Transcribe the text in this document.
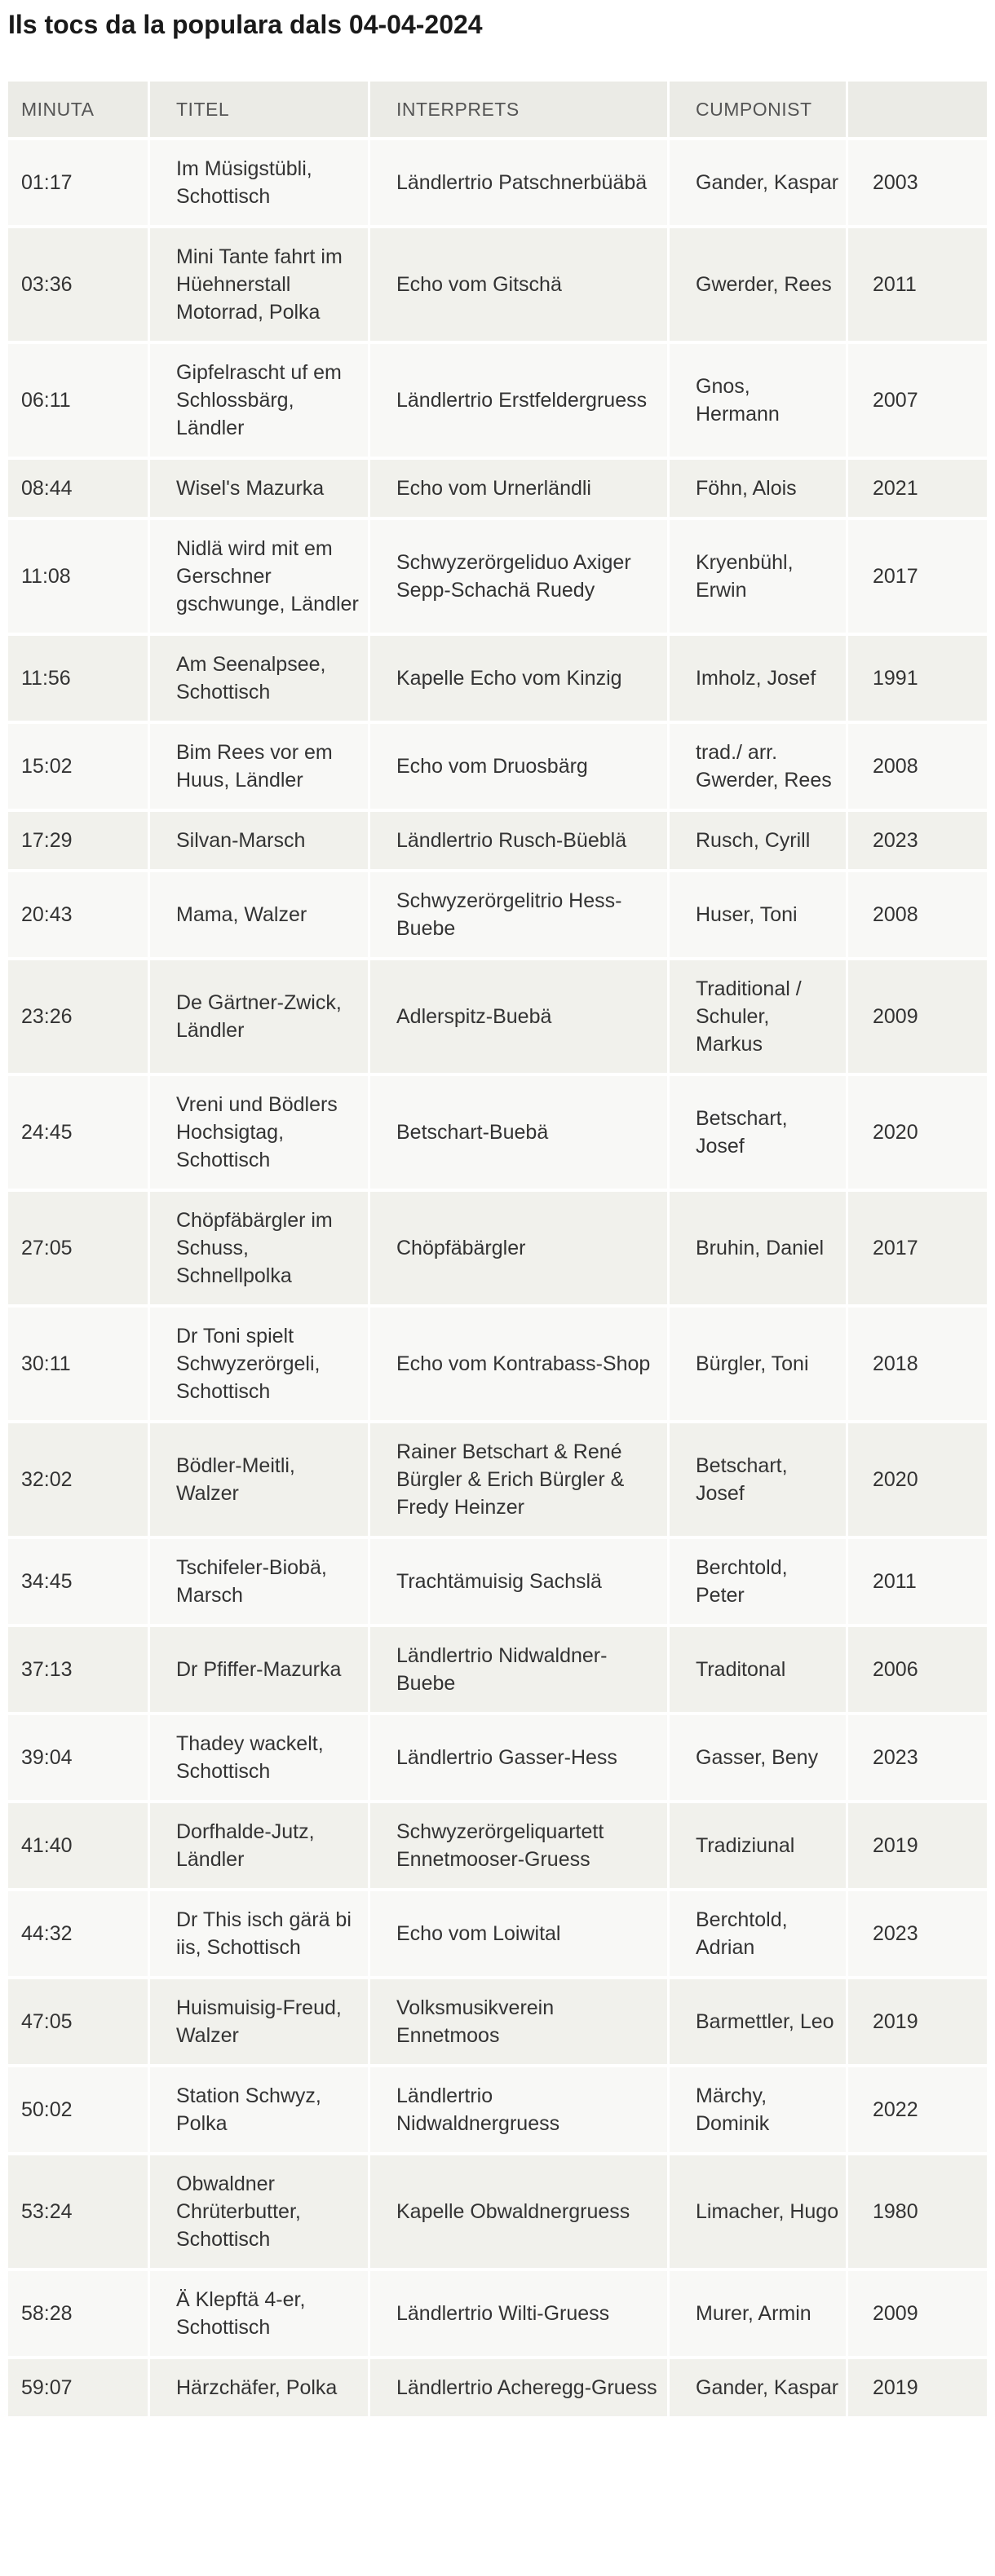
Ils tocs da la populara dals 04-04-2024
MINUTA	TITEL	INTERPRETS	CUMPONIST	
01:17	Im Müsigstübli, Schottisch	Ländlertrio Patschnerbüäbä	Gander, Kaspar	2003
03:36	Mini Tante fahrt im Hüehnerstall Motorrad, Polka	Echo vom Gitschä	Gwerder, Rees	2011
06:11	Gipfelrascht uf em Schlossbärg, Ländler	Ländlertrio Erstfeldergruess	Gnos, Hermann	2007
08:44	Wisel's Mazurka	Echo vom Urnerländli	Föhn, Alois	2021
11:08	Nidlä wird mit em Gerschner gschwunge, Ländler	Schwyzerörgeliduo Axiger Sepp-Schachä Ruedy	Kryenbühl, Erwin	2017
11:56	Am Seenalpsee, Schottisch	Kapelle Echo vom Kinzig	Imholz, Josef	1991
15:02	Bim Rees vor em Huus, Ländler	Echo vom Druosbärg	trad./ arr. Gwerder, Rees	2008
17:29	Silvan-Marsch	Ländlertrio Rusch-Büeblä	Rusch, Cyrill	2023
20:43	Mama, Walzer	Schwyzerörgelitrio Hess-Buebe	Huser, Toni	2008
23:26	De Gärtner-Zwick, Ländler	Adlerspitz-Buebä	Traditional / Schuler, Markus	2009
24:45	Vreni und Bödlers Hochsigtag, Schottisch	Betschart-Buebä	Betschart, Josef	2020
27:05	Chöpfäbärgler im Schuss, Schnellpolka	Chöpfäbärgler	Bruhin, Daniel	2017
30:11	Dr Toni spielt Schwyzerörgeli, Schottisch	Echo vom Kontrabass-Shop	Bürgler, Toni	2018
32:02	Bödler-Meitli, Walzer	Rainer Betschart & René Bürgler & Erich Bürgler & Fredy Heinzer	Betschart, Josef	2020
34:45	Tschifeler-Biobä, Marsch	Trachtämuisig Sachslä	Berchtold, Peter	2011
37:13	Dr Pfiffer-Mazurka	Ländlertrio Nidwaldner-Buebe	Traditonal	2006
39:04	Thadey wackelt, Schottisch	Ländlertrio Gasser-Hess	Gasser, Beny	2023
41:40	Dorfhalde-Jutz, Ländler	Schwyzerörgeliquartett Ennetmooser-Gruess	Tradiziunal	2019
44:32	Dr This isch gärä bi iis, Schottisch	Echo vom Loiwital	Berchtold, Adrian	2023
47:05	Huismuisig-Freud, Walzer	Volksmusikverein Ennetmoos	Barmettler, Leo	2019
50:02	Station Schwyz, Polka	Ländlertrio Nidwaldnergruess	Märchy, Dominik	2022
53:24	Obwaldner Chrüterbutter, Schottisch	Kapelle Obwaldnergruess	Limacher, Hugo	1980
58:28	Ä Klepftä 4-er, Schottisch	Ländlertrio Wilti-Gruess	Murer, Armin	2009
59:07	Härzchäfer, Polka	Ländlertrio Acheregg-Gruess	Gander, Kaspar	2019
